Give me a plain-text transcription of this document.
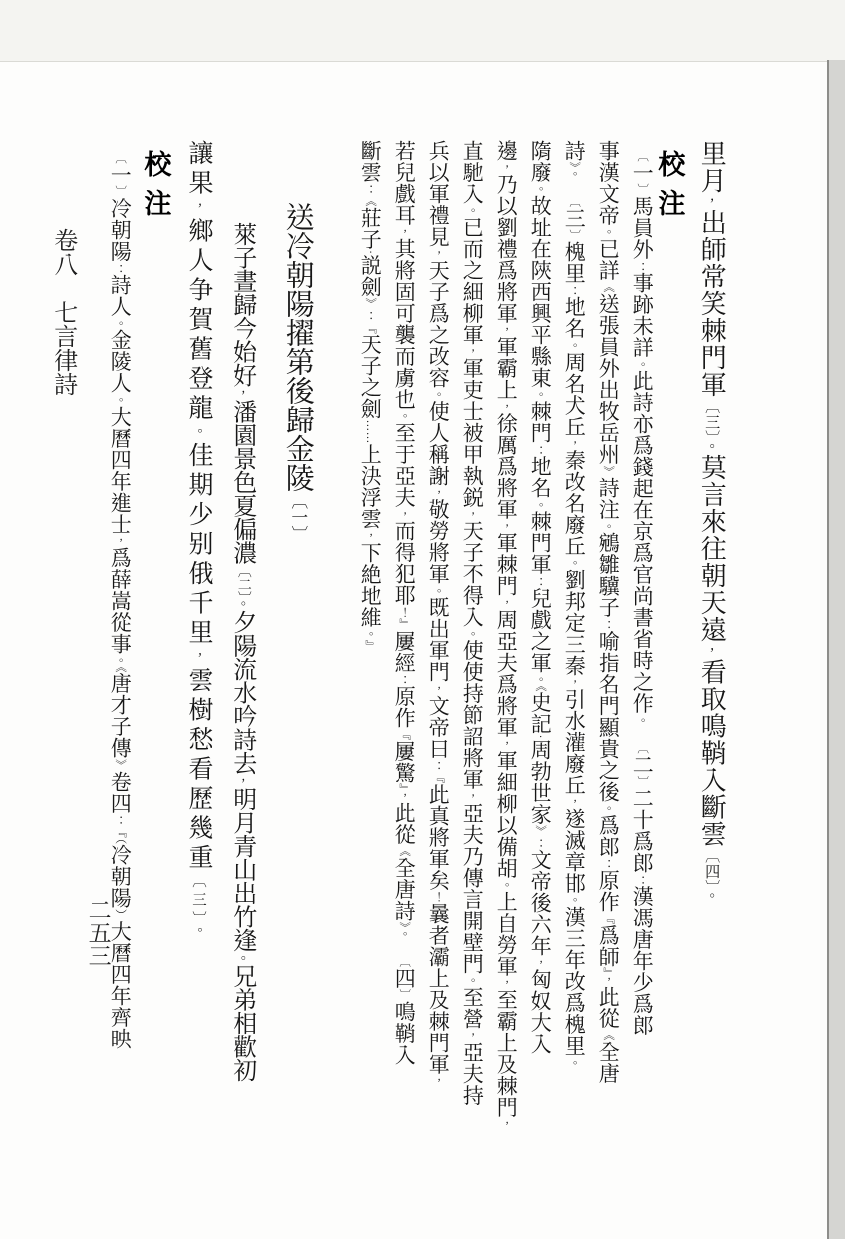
里月，出師常笑棘門軍〔三〕。莫言來往朝天遠，看取鳴鞘入斷雲〔四〕。
校注
〔一〕馬員外：事跡未詳。此詩亦爲錢起在京爲官尚書省時之作。　〔二〕二十爲郎：漢馮唐年少爲郎
事漢文帝。已詳《送張員外出牧岳州》詩注。鵷雛驥子：喻指名門顯貴之後。爲郎：原作『爲師』，此從《全唐
詩》。　〔三〕槐里：地名。周名犬丘，秦改名廢丘。劉邦定三秦，引水灌廢丘，遂滅章邯。漢三年改爲槐里。
隋廢。故址在陝西興平縣東。棘門：地名。棘門軍：兒戲之軍。《史記·周勃世家》：文帝後六年，匈奴大入
邊，乃以劉禮爲將軍，軍霸上，徐厲爲將軍，軍棘門，周亞夫爲將軍，軍細柳以備胡。上自勞軍，至霸上及棘門，
直馳入。已而之細柳軍，軍吏士被甲執鋭，天子不得入。使使持節詔將軍，亞夫乃傳言開壁門。至營，亞夫持
兵以軍禮見，天子爲之改容。使人稱謝，敬勞將軍。既出軍門，文帝曰：『此真將軍矣！曩者灞上及棘門軍，
若兒戲耳，其將固可襲而虜也。至于亞夫，而得犯耶！』屢經：原作『屢驚』，此從《全唐詩》。　〔四〕鳴鞘入
斷雲：《莊子·説劍》：『天子之劍……上決浮雲，下絶地維。』
送冷朝陽擢第後歸金陵〔一〕
萊子晝歸今始好，潘園景色夏偏濃〔二〕。夕陽流水吟詩去，明月青山出竹逢。兄弟相歡初
讓果，鄉人争賀舊登龍。佳期少别俄千里，雲樹愁看歷幾重〔三〕。
校注
〔一〕冷朝陽：詩人。金陵人。大曆四年進士，爲薛嵩從事。《唐才子傳》卷四：『（冷朝陽）大曆四年齊映
卷八　七言律詩
二五三
